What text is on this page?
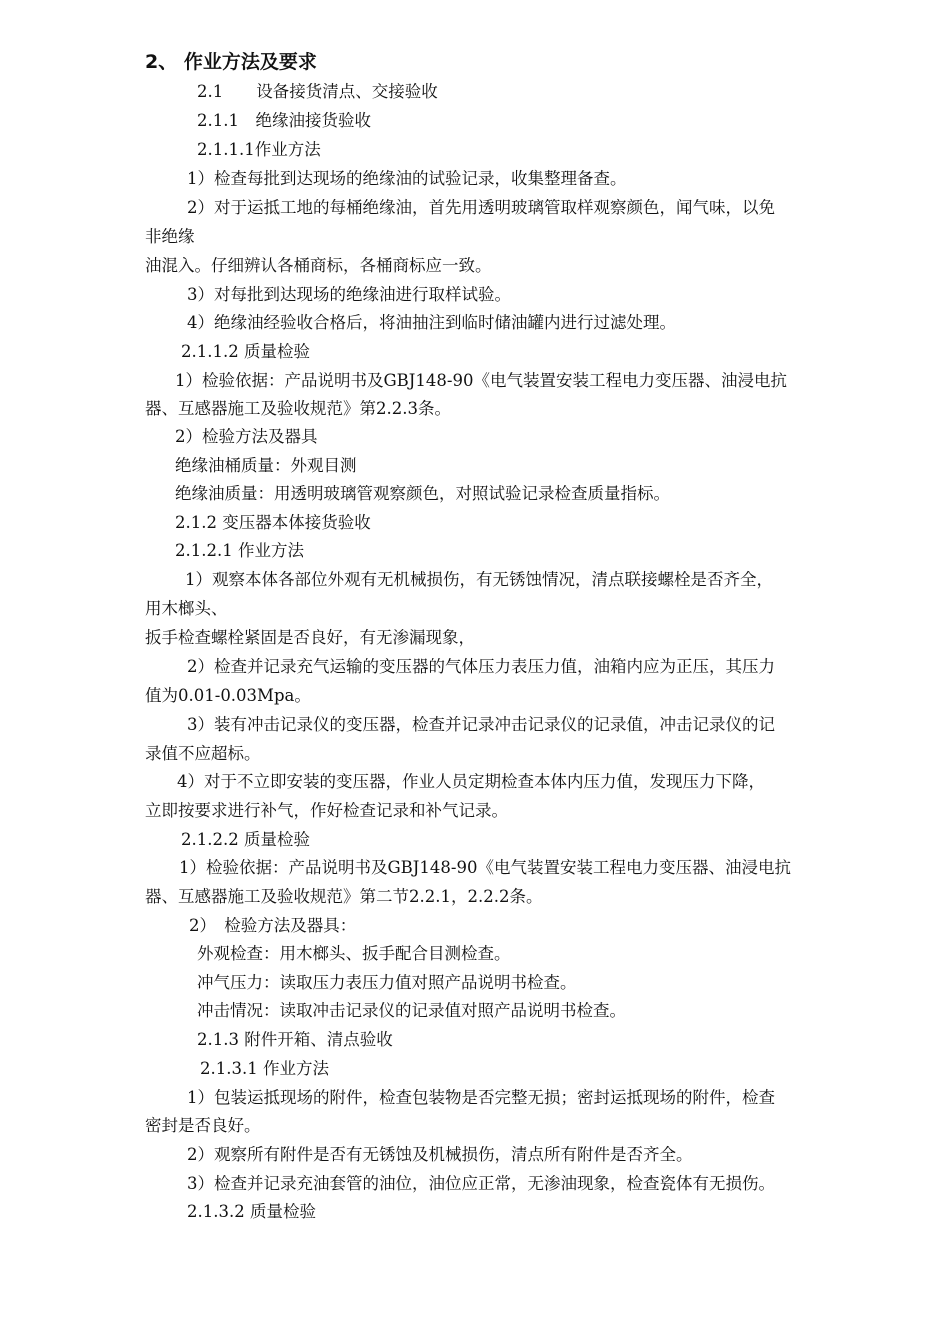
2、 作业方法及要求
2.1　　设备接货清点、交接验收
2.1.1　绝缘油接货验收
2.1.1.1作业方法
1）检查每批到达现场的绝缘油的试验记录，收集整理备查。
2）对于运抵工地的每桶绝缘油，首先用透明玻璃管取样观察颜色，闻气味，以免
非绝缘
油混入。仔细辨认各桶商标，各桶商标应一致。
3）对每批到达现场的绝缘油进行取样试验。
4）绝缘油经验收合格后，将油抽注到临时储油罐内进行过滤处理。
2.1.1.2 质量检验
1）检验依据：产品说明书及GBJ148-90《电气装置安装工程电力变压器、油浸电抗
器、互感器施工及验收规范》第2.2.3条。
2）检验方法及器具
绝缘油桶质量：外观目测
绝缘油质量：用透明玻璃管观察颜色，对照试验记录检查质量指标。
2.1.2 变压器本体接货验收
2.1.2.1 作业方法
1）观察本体各部位外观有无机械损伤，有无锈蚀情况，清点联接螺栓是否齐全，
用木榔头、
扳手检查螺栓紧固是否良好，有无渗漏现象，
2）检查并记录充气运输的变压器的气体压力表压力值，油箱内应为正压，其压力
值为0.01-0.03Mpa。
3）装有冲击记录仪的变压器，检查并记录冲击记录仪的记录值，冲击记录仪的记
录值不应超标。
4）对于不立即安装的变压器，作业人员定期检查本体内压力值，发现压力下降，
立即按要求进行补气，作好检查记录和补气记录。
2.1.2.2 质量检验
1）检验依据：产品说明书及GBJ148-90《电气装置安装工程电力变压器、油浸电抗
器、互感器施工及验收规范》第二节2.2.1，2.2.2条。
2）　检验方法及器具：
外观检查：用木榔头、扳手配合目测检查。
冲气压力：读取压力表压力值对照产品说明书检查。
冲击情况：读取冲击记录仪的记录值对照产品说明书检查。
2.1.3 附件开箱、清点验收
2.1.3.1 作业方法
1）包装运抵现场的附件，检查包装物是否完整无损；密封运抵现场的附件，检查
密封是否良好。
2）观察所有附件是否有无锈蚀及机械损伤，清点所有附件是否齐全。
3）检查并记录充油套管的油位，油位应正常，无渗油现象，检查瓷体有无损伤。
2.1.3.2 质量检验
